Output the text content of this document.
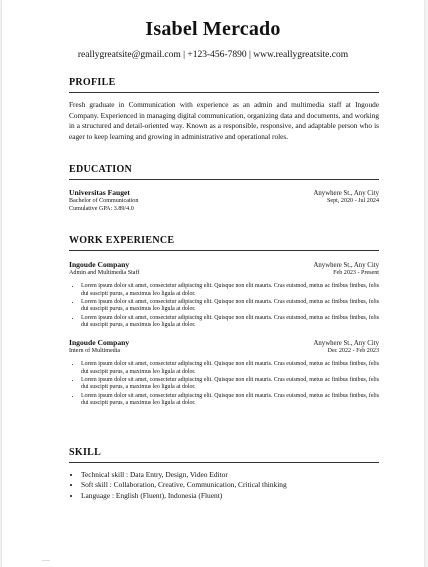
Isabel Mercado
reallygreatsite@gmail.com | +123-456-7890 | www.reallygreatsite.com
PROFILE
Fresh graduate in Communication with experience as an admin and multimedia staff at Ingoude Company. Experienced in managing digital communication, organizing data and documents, and working in a structured and detail-oriented way. Known as a responsible, responsive, and adaptable person who is eager to keep learning and growing in administrative and operational roles.
EDUCATION
Universitas Fauget	Anywhere St., Any City
Bachelor of Communication	Sept, 2020 - Jul 2024
Cumulative GPA: 3.89/4.0
WORK EXPERIENCE
Ingoude Company	Anywhere St., Any City
Admin and Multimedia Staff	Feb 2023 - Present
• Lorem ipsum dolor sit amet, consectetur adipiscing elit. Quisque non elit mauris. Cras euismod, metus ac finibus finibus, felis dui suscipit purus, a maximus leo ligula at dolor.
• Lorem ipsum dolor sit amet, consectetur adipiscing elit. Quisque non elit mauris. Cras euismod, metus ac finibus finibus, felis dui suscipit purus, a maximus leo ligula at dolor.
• Lorem ipsum dolor sit amet, consectetur adipiscing elit. Quisque non elit mauris. Cras euismod, metus ac finibus finibus, felis dui suscipit purus, a maximus leo ligula at dolor.
Ingoude Company	Anywhere St., Any City
Intern of Multimedia	Dec 2022 - Feb 2023
• Lorem ipsum dolor sit amet, consectetur adipiscing elit. Quisque non elit mauris. Cras euismod, metus ac finibus finibus, felis dui suscipit purus, a maximus leo ligula at dolor.
• Lorem ipsum dolor sit amet, consectetur adipiscing elit. Quisque non elit mauris. Cras euismod, metus ac finibus finibus, felis dui suscipit purus, a maximus leo ligula at dolor.
• Lorem ipsum dolor sit amet, consectetur adipiscing elit. Quisque non elit mauris. Cras euismod, metus ac finibus finibus, felis dui suscipit purus, a maximus leo ligula at dolor.
SKILL
• Technical skill : Data Entry, Design, Video Editor
• Soft skill : Collaboration, Creative, Communication, Critical thinking
• Language : English (Fluent), Indonesia (Fluent)
